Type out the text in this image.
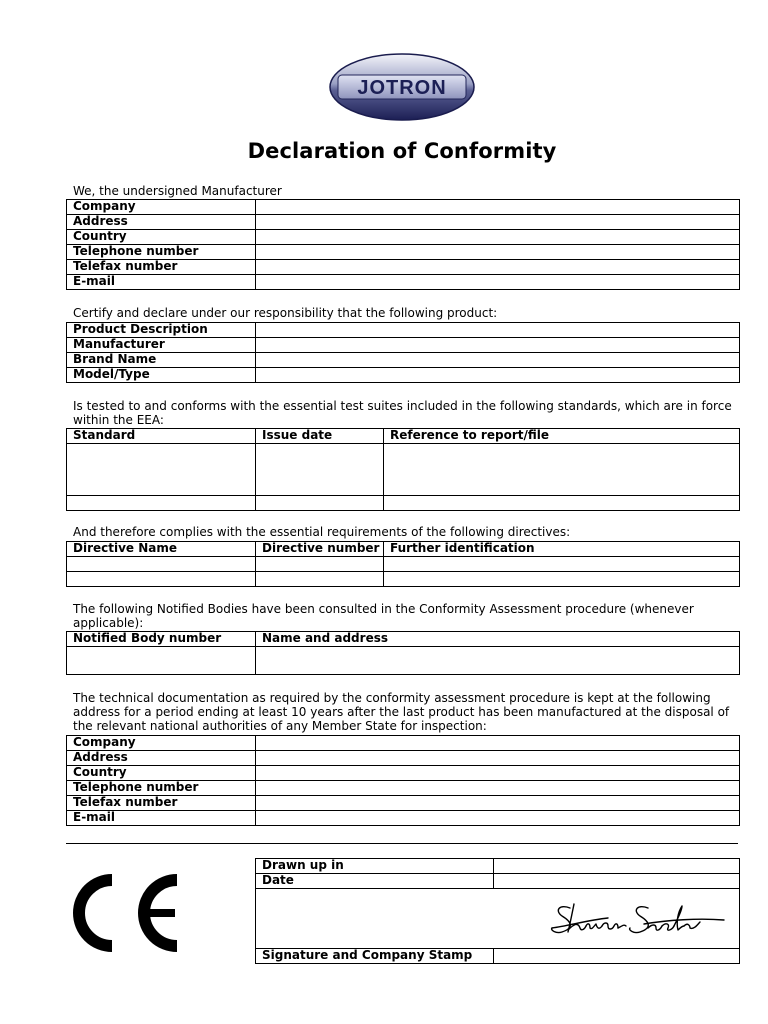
JOTRON
Declaration of Conformity
We, the undersigned Manufacturer
Company	
Address	
Country	
Telephone number	
Telefax number	
E-mail	
Certify and declare under our responsibility that the following product:
Product Description	
Manufacturer	
Brand Name	
Model/Type	
Is tested to and conforms with the essential test suites included in the following standards, which are in force within the EEA:
Standard	Issue date	Reference to report/file

And therefore complies with the essential requirements of the following directives:
Directive Name	Directive number	Further identification

The following Notified Bodies have been consulted in the Conformity Assessment procedure (whenever applicable):
Notified Body number	Name and address

The technical documentation as required by the conformity assessment procedure is kept at the following address for a period ending at least 10 years after the last product has been manufactured at the disposal of the relevant national authorities of any Member State for inspection:
Company	
Address	
Country	
Telephone number	
Telefax number	
E-mail	
Drawn up in	
Date	

Signature and Company Stamp	
